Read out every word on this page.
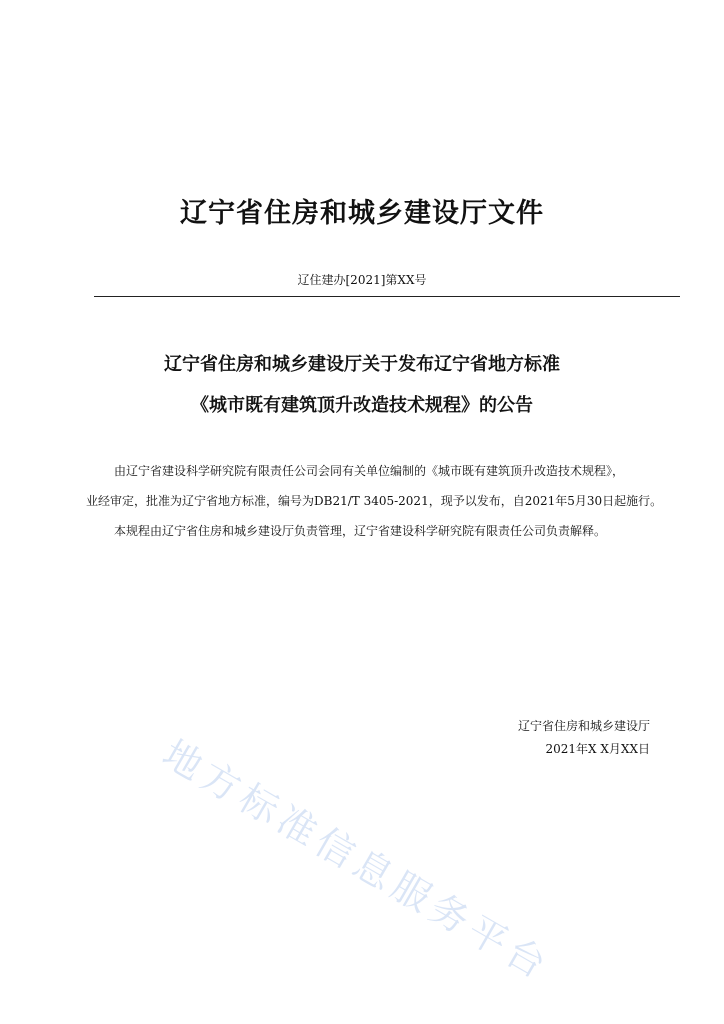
辽宁省住房和城乡建设厅文件
辽住建办[2021]第XX号
辽宁省住房和城乡建设厅关于发布辽宁省地方标准
《城市既有建筑顶升改造技术规程》的公告

由辽宁省建设科学研究院有限责任公司会同有关单位编制的《城市既有建筑顶升改造技术规程》，

业经审定，批准为辽宁省地方标准，编号为DB21/T 3405-2021，现予以发布，自2021年5月30日起施行。

本规程由辽宁省住房和城乡建设厅负责管理，辽宁省建设科学研究院有限责任公司负责解释。

地方标准信息服务平台
辽宁省住房和城乡建设厅
2021年X X月XX日
